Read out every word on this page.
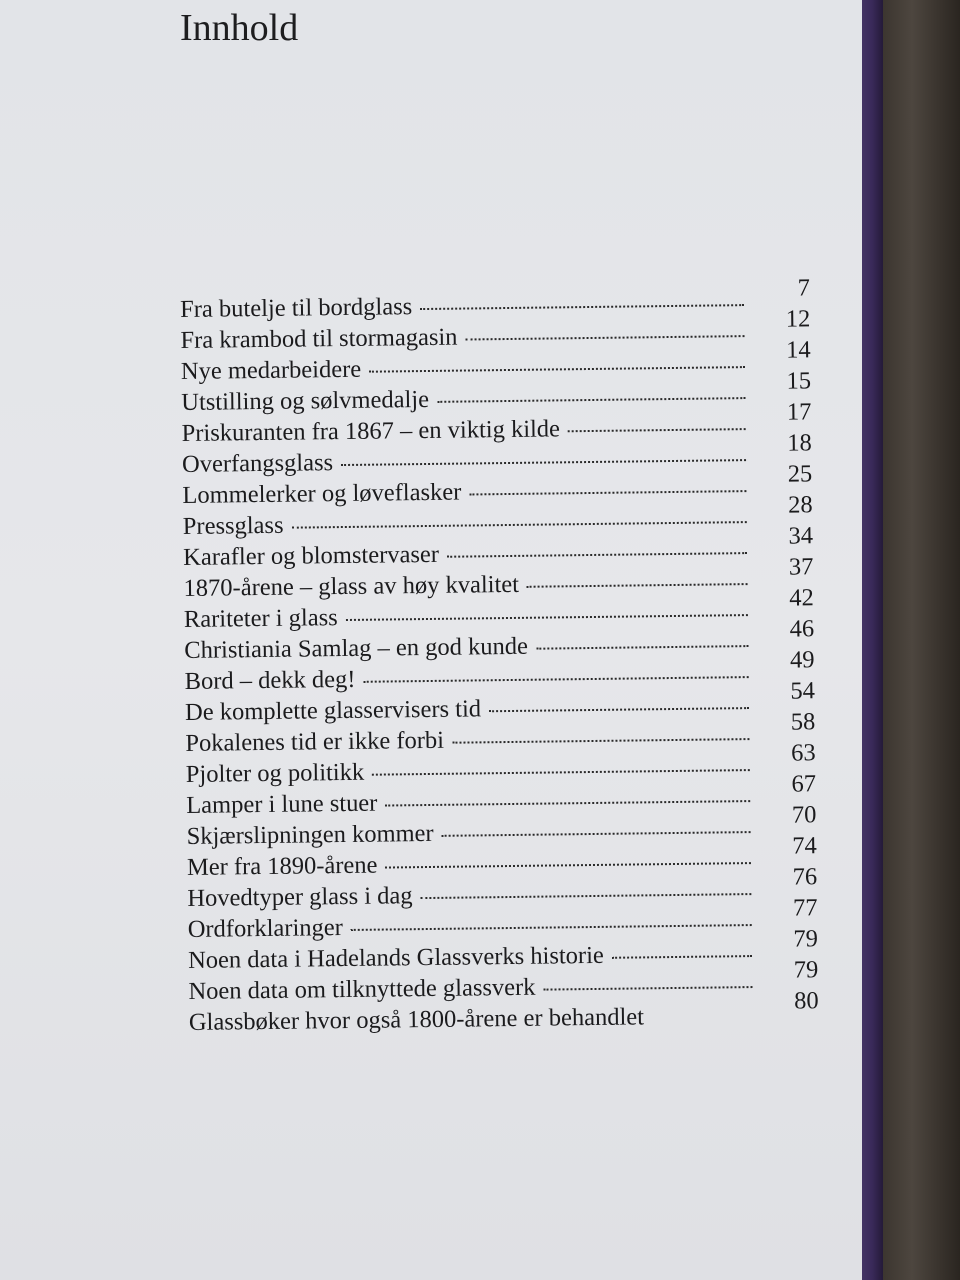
Innhold
Fra butelje til bordglass
7
Fra krambod til stormagasin
12
Nye medarbeidere
14
Utstilling og sølvmedalje
15
Priskuranten fra 1867 – en viktig kilde
17
Overfangsglass
18
Lommelerker og løveflasker
25
Pressglass
28
Karafler og blomstervaser
34
1870-årene – glass av høy kvalitet
37
Rariteter i glass
42
Christiania Samlag – en god kunde
46
Bord – dekk deg!
49
De komplette glasservisers tid
54
Pokalenes tid er ikke forbi
58
Pjolter og politikk
63
Lamper i lune stuer
67
Skjærslipningen kommer
70
Mer fra 1890-årene
74
Hovedtyper glass i dag
76
Ordforklaringer
77
Noen data i Hadelands Glassverks historie
79
Noen data om tilknyttede glassverk
79
Glassbøker hvor også 1800-årene er behandlet
80
